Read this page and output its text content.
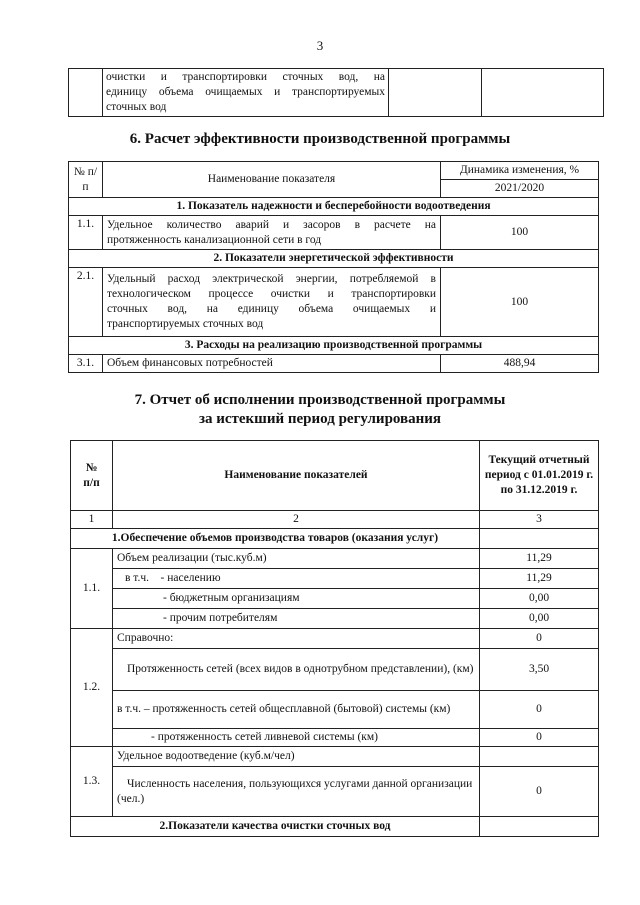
3

очистки и транспортировки сточных вод, на
единицу объема очищаемых и транспортируемых
сточных вод

6. Расчет эффективности производственной программы
№ п/п	Наименование показателя	Динамика изменения, %
		2021/2020
1. Показатель надежности и бесперебойности водоотведения		
1.1.	Удельное количество аварий и засоров в расчете на
протяженность канализационной сети в год	100
2. Показатели энергетической эффективности		
2.1.	Удельный расход электрической энергии, потребляемой в
технологическом процессе очистки и транспортировки
сточных вод, на единицу объема очищаемых и
транспортируемых сточных вод	100
3. Расходы на реализацию производственной программы		
3.1.	Объем финансовых потребностей	488,94
7. Отчет об исполнении производственной программы
за истекший период регулирования
№ п/п	Наименование показателей	Текущий отчетный период с 01.01.2019 г. по 31.12.2019 г.
1	2	3
1.Обеспечение объемов производства товаров (оказания услуг)		
1.1.	Объем реализации (тыс.куб.м)	11,29
	в т.ч.    - населению	11,29
	- бюджетным организациям	0,00
	- прочим потребителям	0,00
1.2.	Справочно:	0
	Протяженность сетей (всех видов в однотрубном представлении), (км)	3,50
	в т.ч. – протяженность сетей общесплавной (бытовой) системы (км)	0
	- протяженность сетей ливневой системы (км)	0
1.3.	Удельное водоотведение (куб.м/чел)	
	Численность населения, пользующихся услугами данной организации (чел.)	0
2.Показатели качества очистки сточных вод		
